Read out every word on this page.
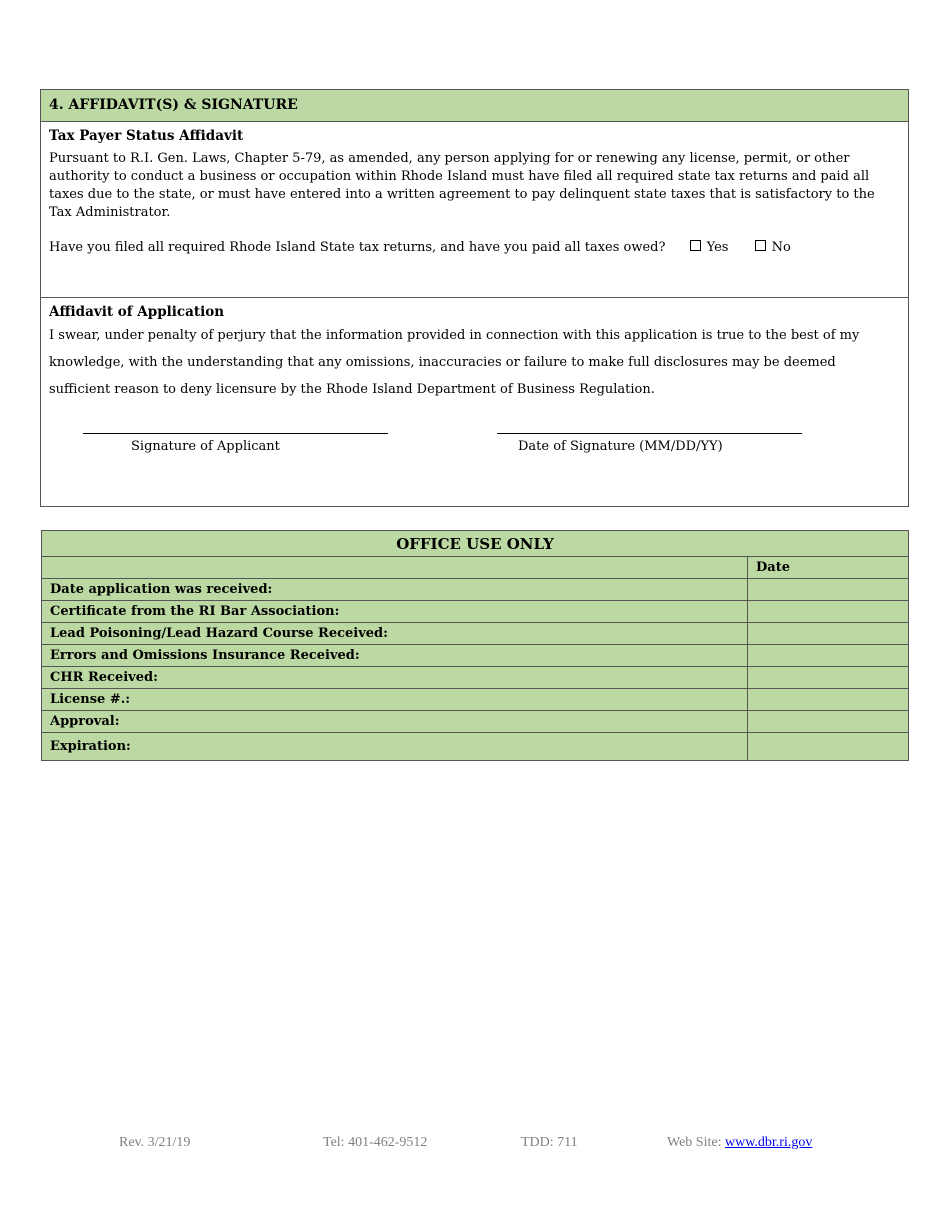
4. AFFIDAVIT(S) & SIGNATURE
Tax Payer Status Affidavit
Pursuant to R.I. Gen. Laws, Chapter 5-79, as amended, any person applying for or renewing any license, permit, or other authority to conduct a business or occupation within Rhode Island must have filed all required state tax returns and paid all taxes due to the state, or must have entered into a written agreement to pay delinquent state taxes that is satisfactory to the Tax Administrator.
Have you filed all required Rhode Island State tax returns, and have you paid all taxes owed?	Yes	No
Affidavit of Application
I swear, under penalty of perjury that the information provided in connection with this application is true to the best of my knowledge, with the understanding that any omissions, inaccuracies or failure to make full disclosures may be deemed sufficient reason to deny licensure by the Rhode Island Department of Business Regulation.
Signature of Applicant	Date of Signature (MM/DD/YY)
OFFICE USE ONLY	
	Date
Date application was received:	
Certificate from the RI Bar Association:	
Lead Poisoning/Lead Hazard Course Received:	
Errors and Omissions Insurance Received:	
CHR Received:	
License #.:	
Approval:	
Expiration:	
Rev. 3/21/19	Tel: 401-462-9512	TDD: 711	Web Site: www.dbr.ri.gov
